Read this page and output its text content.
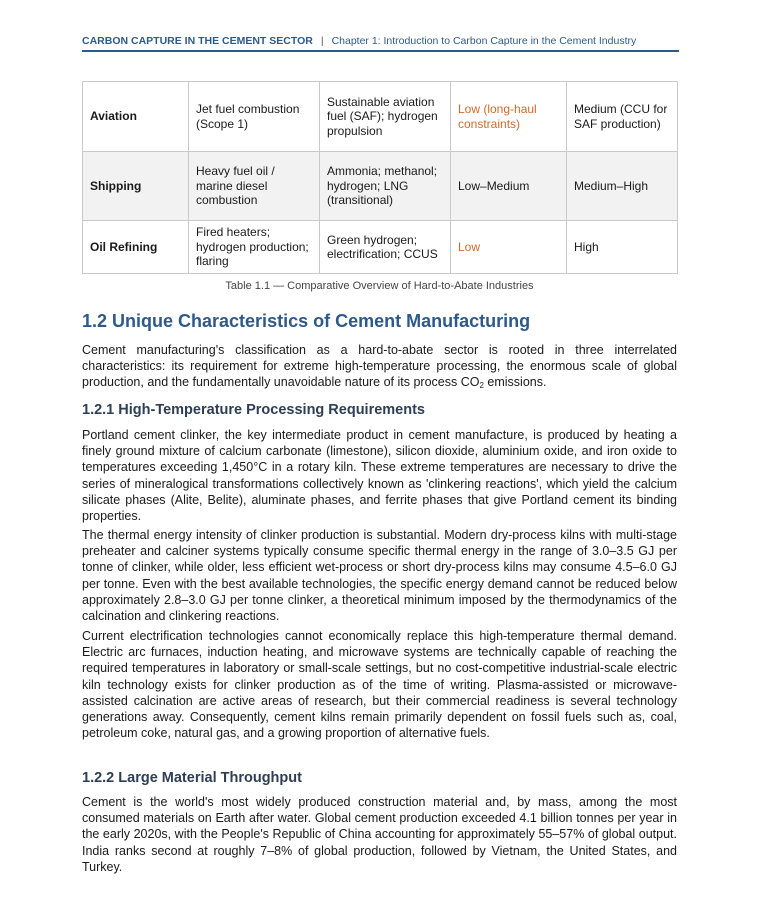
CARBON CAPTURE IN THE CEMENT SECTOR | Chapter 1: Introduction to Carbon Capture in the Cement Industry
Aviation	Jet fuel combustion (Scope 1)	Sustainable aviation fuel (SAF); hydrogen propulsion	Low (long-haul constraints)	Medium (CCU for SAF production)
Shipping	Heavy fuel oil / marine diesel combustion	Ammonia; methanol; hydrogen; LNG (transitional)	Low–Medium	Medium–High
Oil Refining	Fired heaters; hydrogen production; flaring	Green hydrogen; electrification; CCUS	Low	High
Table 1.1 — Comparative Overview of Hard-to-Abate Industries
1.2 Unique Characteristics of Cement Manufacturing

Cement manufacturing's classification as a hard-to-abate sector is rooted in three interrelated characteristics: its requirement for extreme high-temperature processing, the enormous scale of global production, and the fundamentally unavoidable nature of its process $CO_2$ emissions.

1.2.1 High-Temperature Processing Requirements

Portland cement clinker, the key intermediate product in cement manufacture, is produced by heating a finely ground mixture of calcium carbonate (limestone), silicon dioxide, aluminium oxide, and iron oxide to temperatures exceeding 1,450°C in a rotary kiln. These extreme temperatures are necessary to drive the series of mineralogical transformations collectively known as 'clinkering reactions', which yield the calcium silicate phases (Alite, Belite), aluminate phases, and ferrite phases that give Portland cement its binding properties.

The thermal energy intensity of clinker production is substantial. Modern dry-process kilns with multi-stage preheater and calciner systems typically consume specific thermal energy in the range of 3.0–3.5 GJ per tonne of clinker, while older, less efficient wet-process or short dry-process kilns may consume 4.5–6.0 GJ per tonne. Even with the best available technologies, the specific energy demand cannot be reduced below approximately 2.8–3.0 GJ per tonne clinker, a theoretical minimum imposed by the thermodynamics of the calcination and clinkering reactions.

Current electrification technologies cannot economically replace this high-temperature thermal demand. Electric arc furnaces, induction heating, and microwave systems are technically capable of reaching the required temperatures in laboratory or small-scale settings, but no cost-competitive industrial-scale electric kiln technology exists for clinker production as of the time of writing. Plasma-assisted or microwave-assisted calcination are active areas of research, but their commercial readiness is several technology generations away. Consequently, cement kilns remain primarily dependent on fossil fuels such as, coal, petroleum coke, natural gas, and a growing proportion of alternative fuels.

1.2.2 Large Material Throughput

Cement is the world's most widely produced construction material and, by mass, among the most consumed materials on Earth after water. Global cement production exceeded 4.1 billion tonnes per year in the early 2020s, with the People's Republic of China accounting for approximately 55–57% of global output. India ranks second at roughly 7–8% of global production, followed by Vietnam, the United States, and Turkey.
